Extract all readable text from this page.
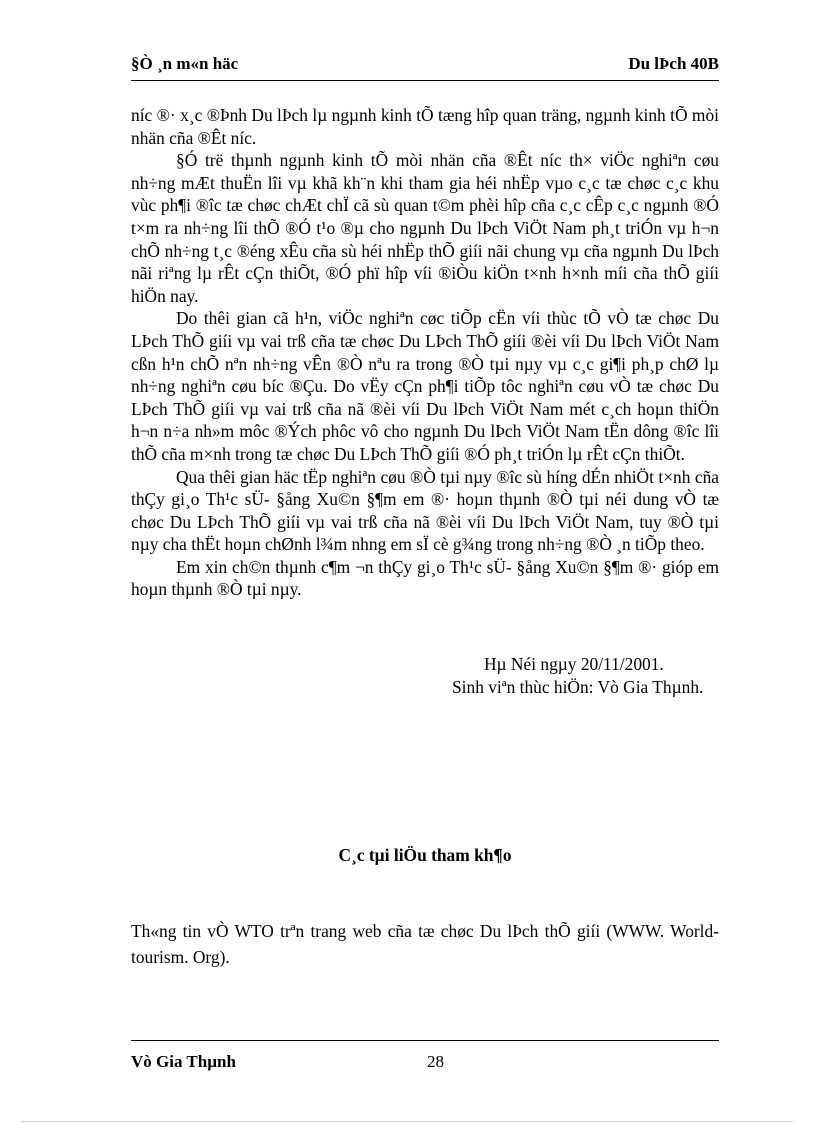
§Ò ¸n m«n häc	Du lÞch 40B

níc ®· x¸c ®Þnh Du lÞch lµ ngµnh kinh tÕ tæng hîp quan träng, ngµnh kinh tÕ mòi nhän cña ®Êt níc.

§Ó trë thµnh ngµnh kinh tÕ mòi nhän cña ®Êt níc th× viÖc nghiªn cøu nh÷ng mÆt thuËn lîi vµ khã kh¨n khi tham gia héi nhËp vµo c¸c tæ chøc c¸c khu vùc ph¶i ®îc tæ chøc chÆt chÏ cã sù quan t©m phèi hîp cña c¸c cÊp c¸c ngµnh ®Ó t×m ra nh÷ng lîi thÕ ®Ó t¹o ®µ cho ngµnh Du lÞch ViÖt Nam ph¸t triÓn vµ h¬n chÕ nh÷ng t¸c ®éng xÊu cña sù héi nhËp thÕ giíi nãi chung vµ cña ngµnh Du lÞch nãi riªng lµ rÊt cÇn thiÕt, ®Ó phï hîp víi ®iÒu kiÖn t×nh h×nh míi cña thÕ giíi hiÖn nay.

Do thêi gian cã h¹n, viÖc nghiªn cøc tiÕp cËn víi thùc tÕ vÒ tæ chøc Du LÞch ThÕ giíi vµ vai trß cña tæ chøc Du LÞch ThÕ giíi ®èi víi Du lÞch ViÖt Nam cßn h¹n chÕ nªn nh÷ng vÊn ®Ò nªu ra trong ®Ò tµi nµy vµ c¸c gi¶i ph¸p chØ lµ nh÷ng nghiªn cøu bíc ®Çu. Do vËy cÇn ph¶i tiÕp tôc nghiªn cøu vÒ tæ chøc Du LÞch ThÕ giíi vµ vai trß cña nã ®èi víi Du lÞch ViÖt Nam mét c¸ch hoµn thiÖn h¬n n÷a nh»m môc ®Ých phôc vô cho ngµnh Du lÞch ViÖt Nam tËn dông ®îc lîi thÕ cña m×nh trong tæ chøc Du LÞch ThÕ giíi ®Ó ph¸t triÓn lµ rÊt cÇn thiÕt.

Qua thêi gian häc tËp nghiªn cøu ®Ò tµi nµy ®îc sù híng dÉn nhiÖt t×nh cña thÇy gi¸o Th¹c sÜ- §ång Xu©n §¶m em ®· hoµn thµnh ®Ò tµi néi dung vÒ tæ chøc Du LÞch ThÕ giíi vµ vai trß cña nã ®èi víi Du lÞch ViÖt Nam, tuy ®Ò tµi nµy cha thËt hoµn chØnh l¾m nhng em sÏ cè g¾ng trong nh÷ng ®Ò ¸n tiÕp theo.

Em xin ch©n thµnh c¶m ¬n thÇy gi¸o Th¹c sÜ- §ång Xu©n §¶m ®· gióp em hoµn thµnh ®Ò tµi nµy.

Hµ Néi ngµy 20/11/2001.
Sinh viªn thùc hiÖn: Vò Gia Thµnh.
C¸c tµi liÖu tham kh¶o

Th«ng tin vÒ WTO trªn trang web cña tæ chøc Du lÞch thÕ giíi (WWW. World- tourism. Org).

Vò Gia Thµnh	28
